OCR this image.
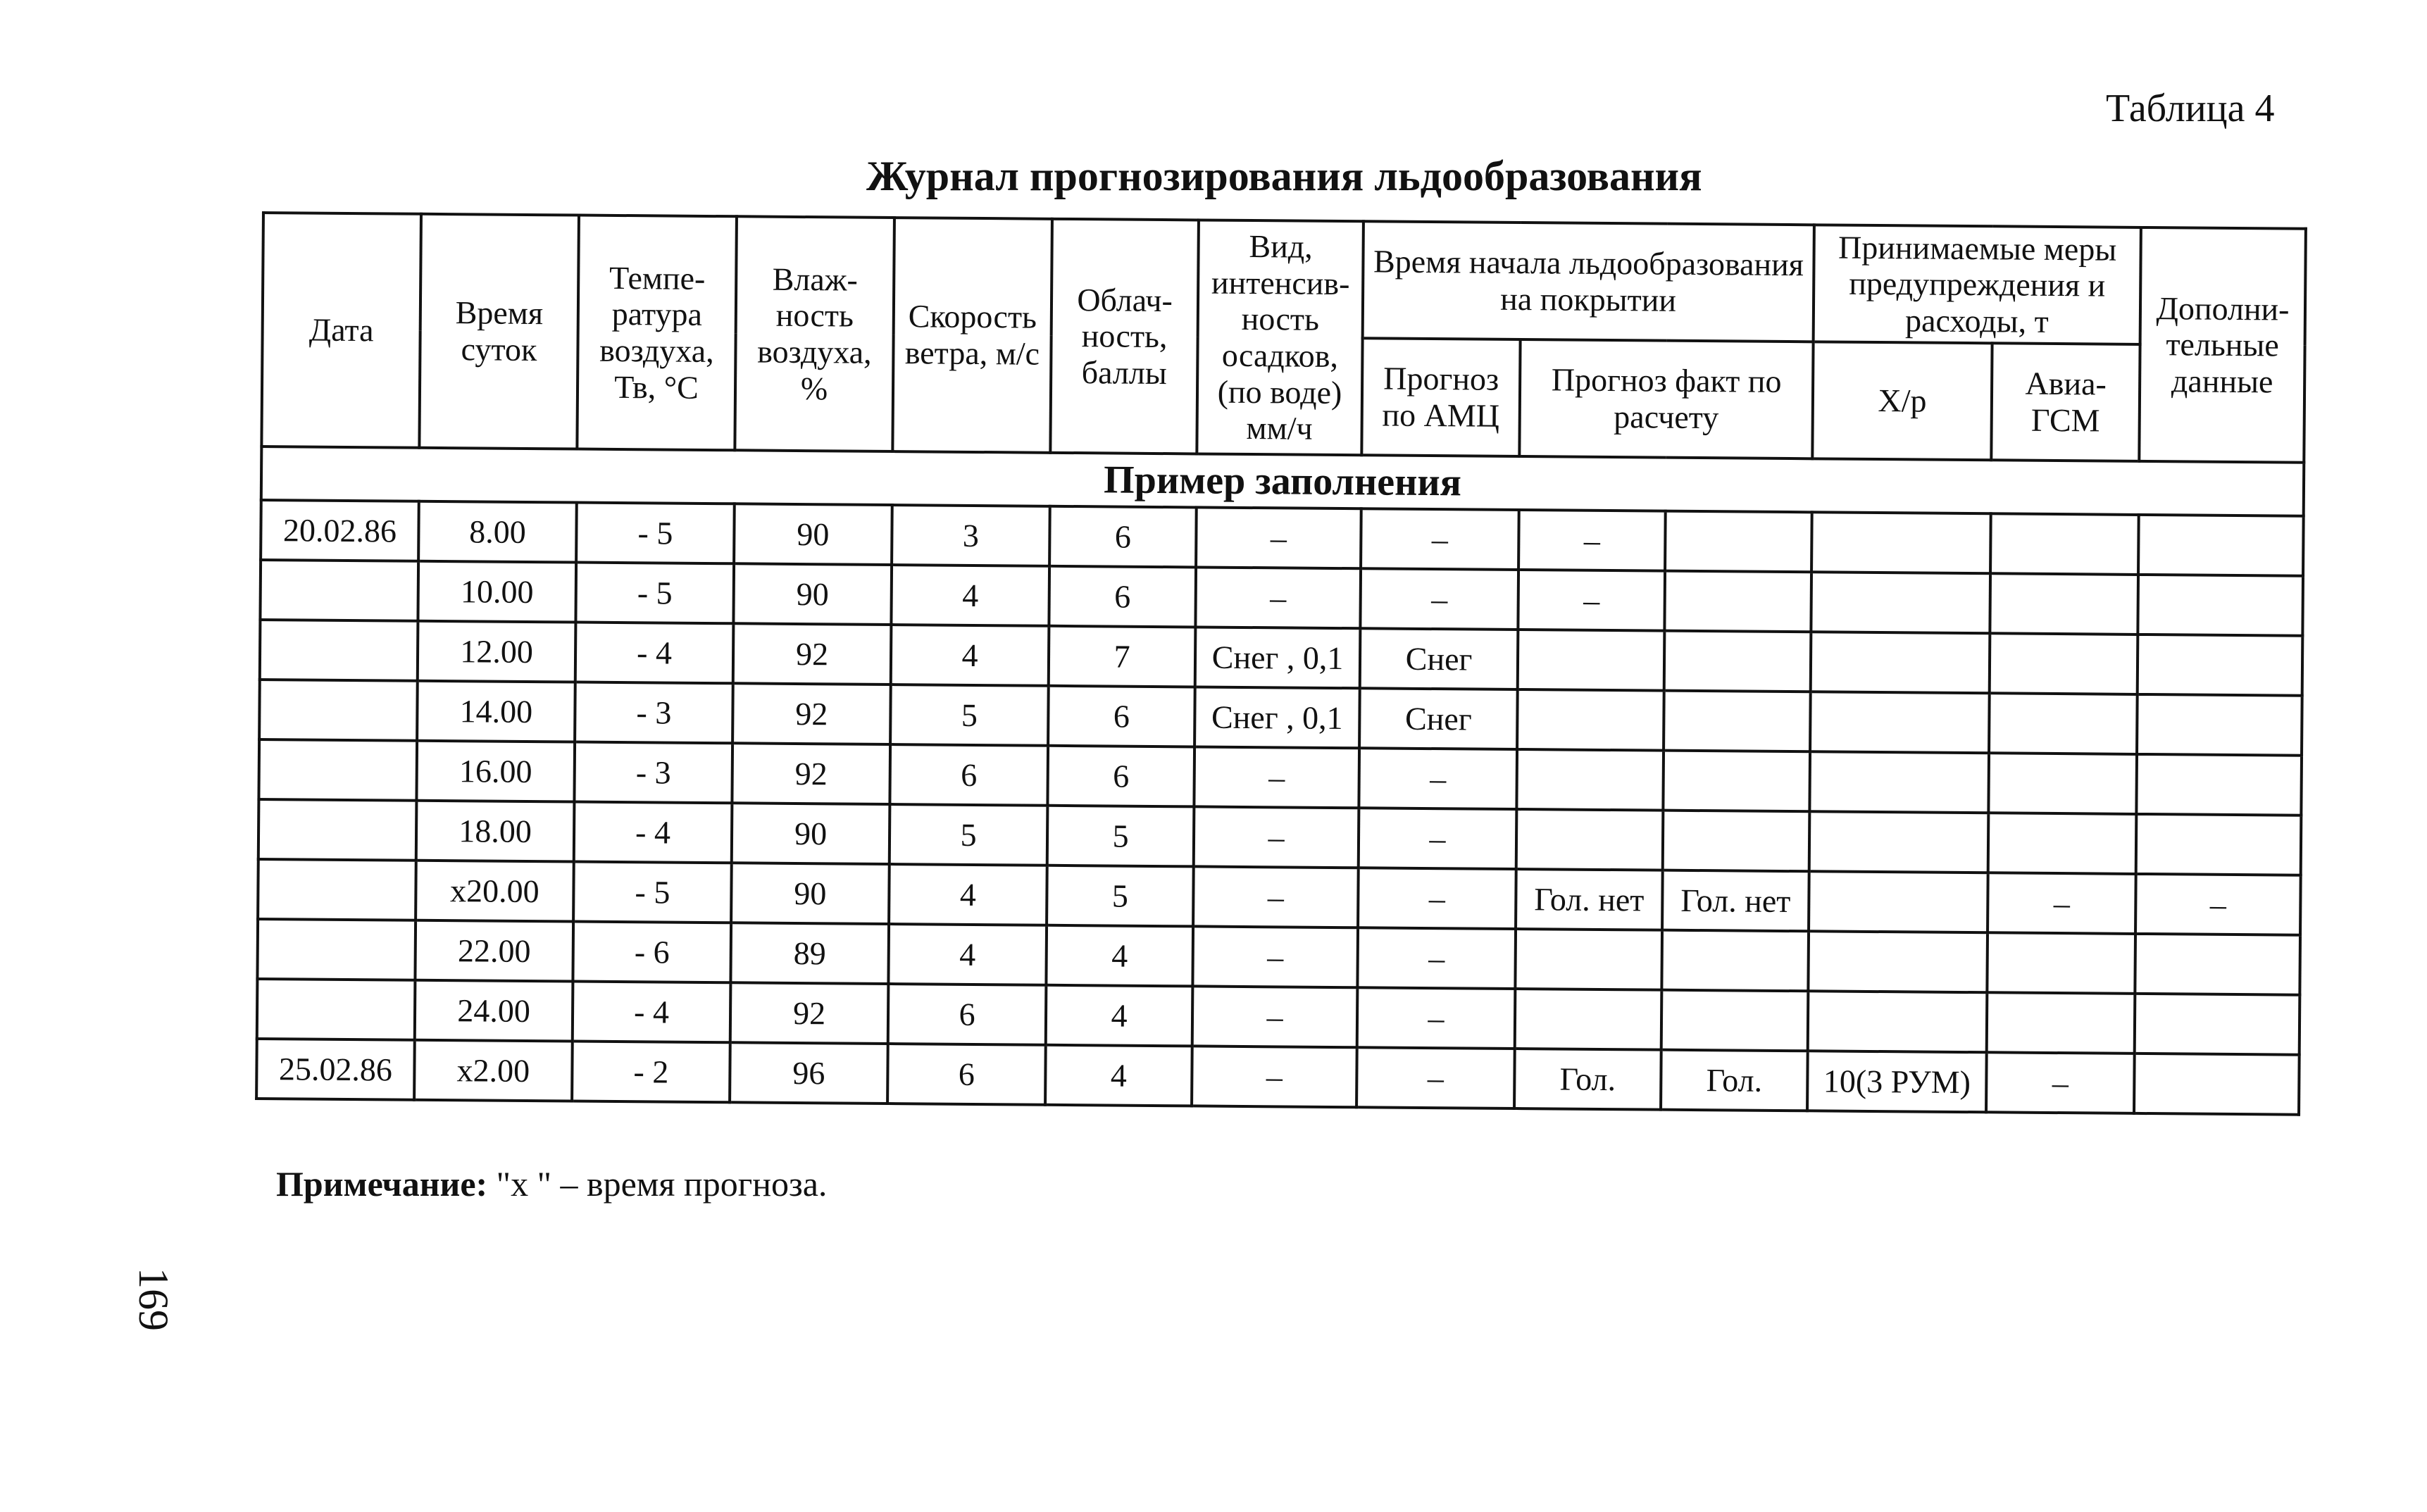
Таблица 4
Журнал прогнозирования льдообразования
Дата	Время суток	Темпе-ратура воздуха, Тв, °С	Влаж-ность воздуха, %	Скорость ветра, м/с	Облач-ность, баллы	Вид, интенсив-ность осадков, (по воде) мм/ч	Время начала льдообразования на покрытии			Принимаемые меры предупреждения и расходы, т		Дополни-тельные данные
							Прогноз по АМЦ	Прогноз факт по расчету		Х/р	Авиа-ГСМ	
Пример заполнения												
20.02.86	8.00	- 5	90	3	6	–	–	–				
	10.00	- 5	90	4	6	–	–	–				
	12.00	- 4	92	4	7	Снег , 0,1	Снег					
	14.00	- 3	92	5	6	Снег , 0,1	Снег					
	16.00	- 3	92	6	6	–	–					
	18.00	- 4	90	5	5	–	–					
	x20.00	- 5	90	4	5	–	–	Гол. нет	Гол. нет		–	–
	22.00	- 6	89	4	4	–	–					
	24.00	- 4	92	6	4	–	–					
25.02.86	x2.00	- 2	96	6	4	–	–	Гол.	Гол.	10(3 РУМ)	–	
Примечание: "х " – время прогноза.
169
